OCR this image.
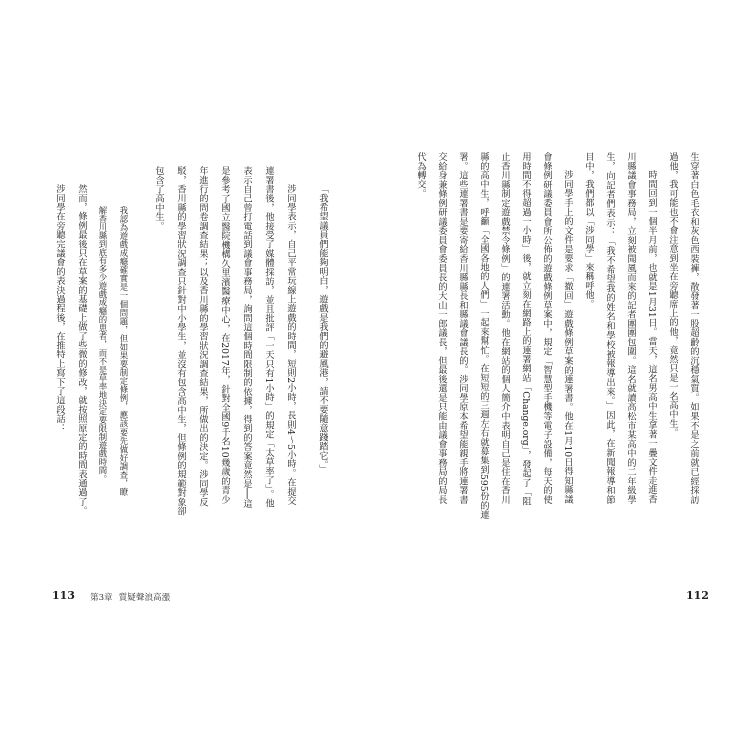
生穿著白色毛衣和灰色西裝褲，散發著一股超齡的沉穩氣質。如果不是之前就已經採訪
過他，我可能也不會注意到坐在旁聽席上的他，竟然只是一名高中生。
時間回到一個半月前，也就是1月31日。當天，這名男高中生拿著一疊文件走進香
川縣議會事務局，立刻被聞風而來的記者團團包圍。這名就讀高松市某高中的二年級學
生，向記者們表示：「我不希望我的姓名和學校被報導出來。」因此，在新聞報導和節
目中，我們都以「涉同學」來稱呼他。
涉同學手上的文件是要求「撤回」遊戲條例草案的連署書。他在1月10日得知縣議
會條例研議委員會所公佈的遊戲條例草案中，規定「智慧型手機等電子設備，每天的使
用時間不得超過一小時」後，就立刻在網路上的連署網站「Change.org」，發起了「阻
止香川縣制定遊戲禁令條例」的連署活動。他在網站的個人簡介中表明自己是住在香川
縣的高中生，呼籲「全國各地的人們」一起來幫忙。在短短的三週左右就募集到595份的連
署。這些連署書是要寄給香川縣縣長和縣議會議長的。涉同學原本希望能親手將連署書
交給身兼條例研議委員會委員長的大山一郎議長，但最後還是只能由議會事務局的局長
代為轉交。
「我希望議員們能夠明白，遊戲是我們的避風港，請不要隨意踐踏它。」
涉同學表示，自己平常玩線上遊戲的時間，短則2小時，長則4～5小時。在提交
連署書後，他接受了媒體採訪，並且批評「一天只有1小時」的規定「太草率了」。他
表示自己曾打電話到議會事務局，詢問這個時間限制的依據，得到的答案竟然是──這
是參考了國立醫院機構久里濱醫療中心，在2017年，針對全國9千名10幾歲的青少
年進行的問卷調查結果；以及香川縣的學習狀況調查結果，所做出的決定。涉同學反
駁，香川縣的學習狀況調查只針對中小學生，並沒有包含高中生，但條例的規範對象卻
包含了高中生。
我認為遊戲成癮確實是一個問題，但如果要制定條例，應該要先做好調查，瞭
解香川縣到底有多少遊戲成癮的患者，而不是草率地決定要限制遊戲時間。
然而，條例最後只在草案的基礎上做了些微的修改，就按照原定的時間表通過了。
涉同學在旁聽完議會的表決過程後，在推特上寫下了這段話：
113 第3章 質疑聲浪高漲	112
